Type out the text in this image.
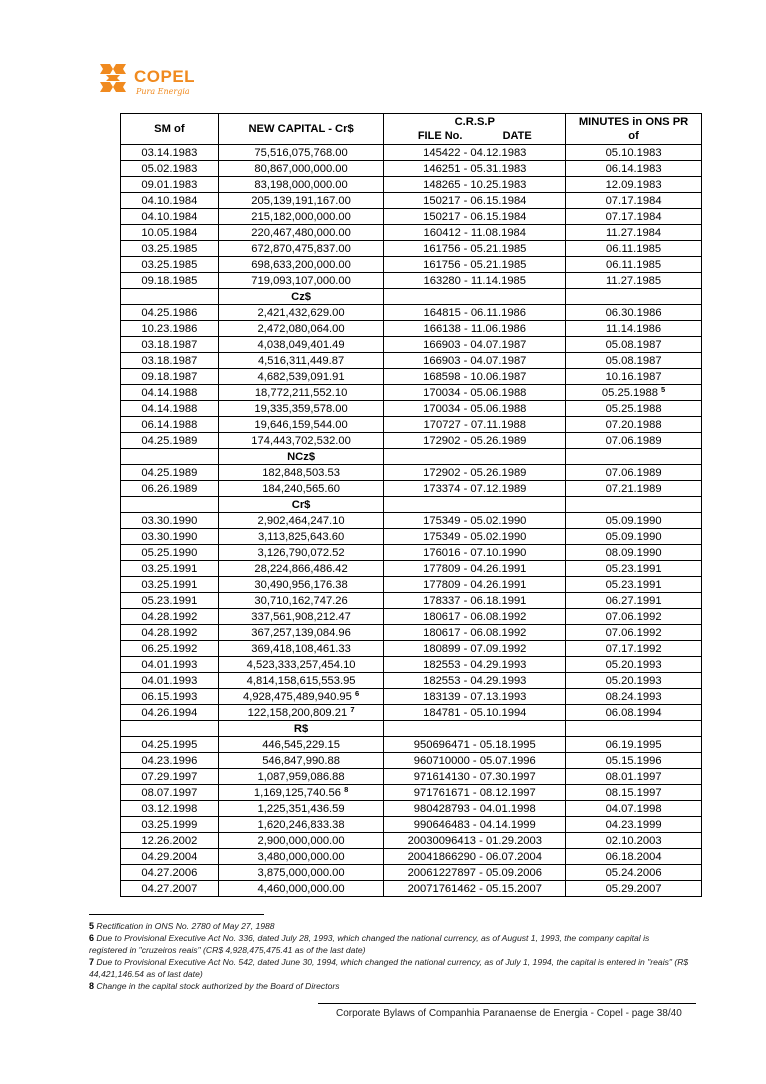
COPEL
Pura Energia
SM of	NEW CAPITAL - Cr$	C.R.S.P
FILE No. DATE	MINUTES in ONS PR
of

03.14.1983	75,516,075,768.00	145422 - 04.12.1983	05.10.1983
05.02.1983	80,867,000,000.00	146251 - 05.31.1983	06.14.1983
09.01.1983	83,198,000,000.00	148265 - 10.25.1983	12.09.1983
04.10.1984	205,139,191,167.00	150217 - 06.15.1984	07.17.1984
04.10.1984	215,182,000,000.00	150217 - 06.15.1984	07.17.1984
10.05.1984	220,467,480,000.00	160412 - 11.08.1984	11.27.1984
03.25.1985	672,870,475,837.00	161756 - 05.21.1985	06.11.1985
03.25.1985	698,633,200,000.00	161756 - 05.21.1985	06.11.1985
09.18.1985	719,093,107,000.00	163280 - 11.14.1985	11.27.1985
	Cz$		
04.25.1986	2,421,432,629.00	164815 - 06.11.1986	06.30.1986
10.23.1986	2,472,080,064.00	166138 - 11.06.1986	11.14.1986
03.18.1987	4,038,049,401.49	166903 - 04.07.1987	05.08.1987
03.18.1987	4,516,311,449.87	166903 - 04.07.1987	05.08.1987
09.18.1987	4,682,539,091.91	168598 - 10.06.1987	10.16.1987
04.14.1988	18,772,211,552.10	170034 - 05.06.1988	05.25.1988 $^5$
04.14.1988	19,335,359,578.00	170034 - 05.06.1988	05.25.1988
06.14.1988	19,646,159,544.00	170727 - 07.11.1988	07.20.1988
04.25.1989	174,443,702,532.00	172902 - 05.26.1989	07.06.1989
	NCz$		
04.25.1989	182,848,503.53	172902 - 05.26.1989	07.06.1989
06.26.1989	184,240,565.60	173374 - 07.12.1989	07.21.1989
	Cr$		
03.30.1990	2,902,464,247.10	175349 - 05.02.1990	05.09.1990
03.30.1990	3,113,825,643.60	175349 - 05.02.1990	05.09.1990
05.25.1990	3,126,790,072.52	176016 - 07.10.1990	08.09.1990
03.25.1991	28,224,866,486.42	177809 - 04.26.1991	05.23.1991
03.25.1991	30,490,956,176.38	177809 - 04.26.1991	05.23.1991
05.23.1991	30,710,162,747.26	178337 - 06.18.1991	06.27.1991
04.28.1992	337,561,908,212.47	180617 - 06.08.1992	07.06.1992
04.28.1992	367,257,139,084.96	180617 - 06.08.1992	07.06.1992
06.25.1992	369,418,108,461.33	180899 - 07.09.1992	07.17.1992
04.01.1993	4,523,333,257,454.10	182553 - 04.29.1993	05.20.1993
04.01.1993	4,814,158,615,553.95	182553 - 04.29.1993	05.20.1993
06.15.1993	4,928,475,489,940.95 $^6$	183139 - 07.13.1993	08.24.1993
04.26.1994	122,158,200,809.21 $^7$	184781 - 05.10.1994	06.08.1994
	R$		
04.25.1995	446,545,229.15	950696471 - 05.18.1995	06.19.1995
04.23.1996	546,847,990.88	960710000 - 05.07.1996	05.15.1996
07.29.1997	1,087,959,086.88	971614130 - 07.30.1997	08.01.1997
08.07.1997	1,169,125,740.56 $^8$	971761671 - 08.12.1997	08.15.1997
03.12.1998	1,225,351,436.59	980428793 - 04.01.1998	04.07.1998
03.25.1999	1,620,246,833.38	990646483 - 04.14.1999	04.23.1999
12.26.2002	2,900,000,000.00	20030096413 - 01.29.2003	02.10.2003
04.29.2004	3,480,000,000.00	20041866290 - 06.07.2004	06.18.2004
04.27.2006	3,875,000,000.00	20061227897 - 05.09.2006	05.24.2006
04.27.2007	4,460,000,000.00	20071761462 - 05.15.2007	05.29.2007

5 Rectification in ONS No. 2780 of May 27, 1988

6 Due to Provisional Executive Act No. 336, dated July 28, 1993, which changed the national currency, as of August 1, 1993, the company capital is registered in "cruzeiros reais" (CR$ 4,928,475,475.41 as of the last date)

7 Due to Provisional Executive Act No. 542, dated June 30, 1994, which changed the national currency, as of July 1, 1994, the capital is entered in "reais" (R$ 44,421,146.54 as of last date)

8 Change in the capital stock authorized by the Board of Directors

Corporate Bylaws of Companhia Paranaense de Energia - Copel - page 38/40
